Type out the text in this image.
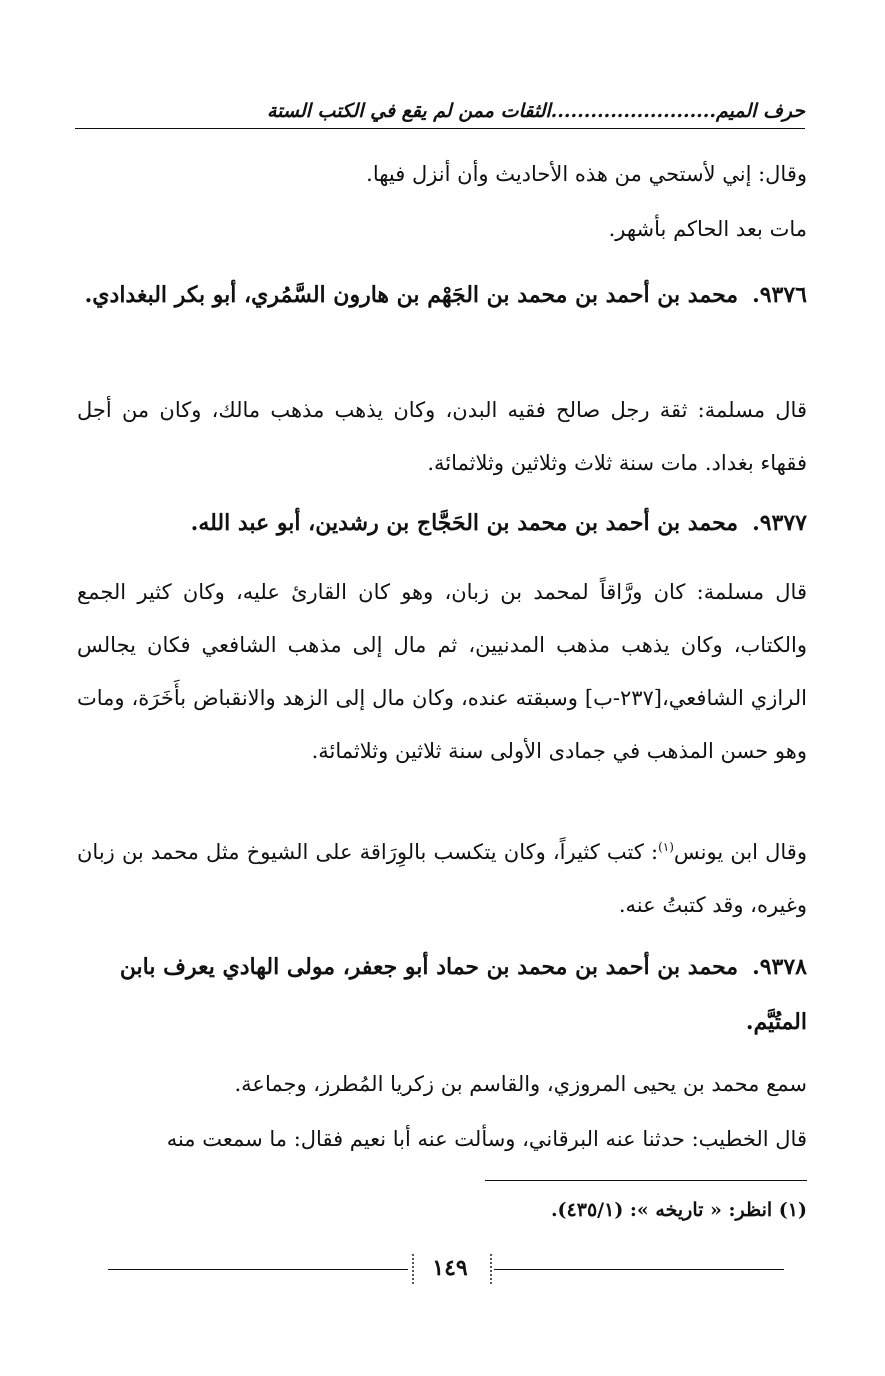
حرف الميم.........................الثقات ممن لم يقع في الكتب الستة

وقال: إني لأستحي من هذه الأحاديث وأن أنزل فيها.

مات بعد الحاكم بأشهر.

٩٣٧٦.محمد بن أحمد بن محمد بن الجَهْم بن هارون السَّمُري، أبو بكر البغدادي.

قال مسلمة: ثقة رجل صالح فقيه البدن، وكان يذهب مذهب مالك، وكان من أجل فقهاء بغداد. مات سنة ثلاث وثلاثين وثلاثمائة.

٩٣٧٧.محمد بن أحمد بن محمد بن الحَجَّاج بن رشدين، أبو عبد الله.

قال مسلمة: كان ورَّاقاً لمحمد بن زبان، وهو كان القارئ عليه، وكان كثير الجمع والكتاب، وكان يذهب مذهب المدنيين، ثم مال إلى مذهب الشافعي فكان يجالس الرازي الشافعي،[٢٣٧-ب] وسبقته عنده، وكان مال إلى الزهد والانقباض بأَخَرَة، ومات وهو حسن المذهب في جمادى الأولى سنة ثلاثين وثلاثمائة.

وقال ابن يونس$^{(١)}$: كتب كثيراً، وكان يتكسب بالوِرَاقة على الشيوخ مثل محمد بن زبان وغيره، وقد كتبتُ عنه.

٩٣٧٨.محمد بن أحمد بن محمد بن حماد أبو جعفر، مولى الهادي يعرف بابن المتُيَّم.

سمع محمد بن يحيى المروزي، والقاسم بن زكريا المُطرز، وجماعة.

قال الخطيب: حدثنا عنه البرقاني، وسألت عنه أبا نعيم فقال: ما سمعت منه

(١) انظر: « تاريخه »: (٤٣٥/١).
١٤٩
